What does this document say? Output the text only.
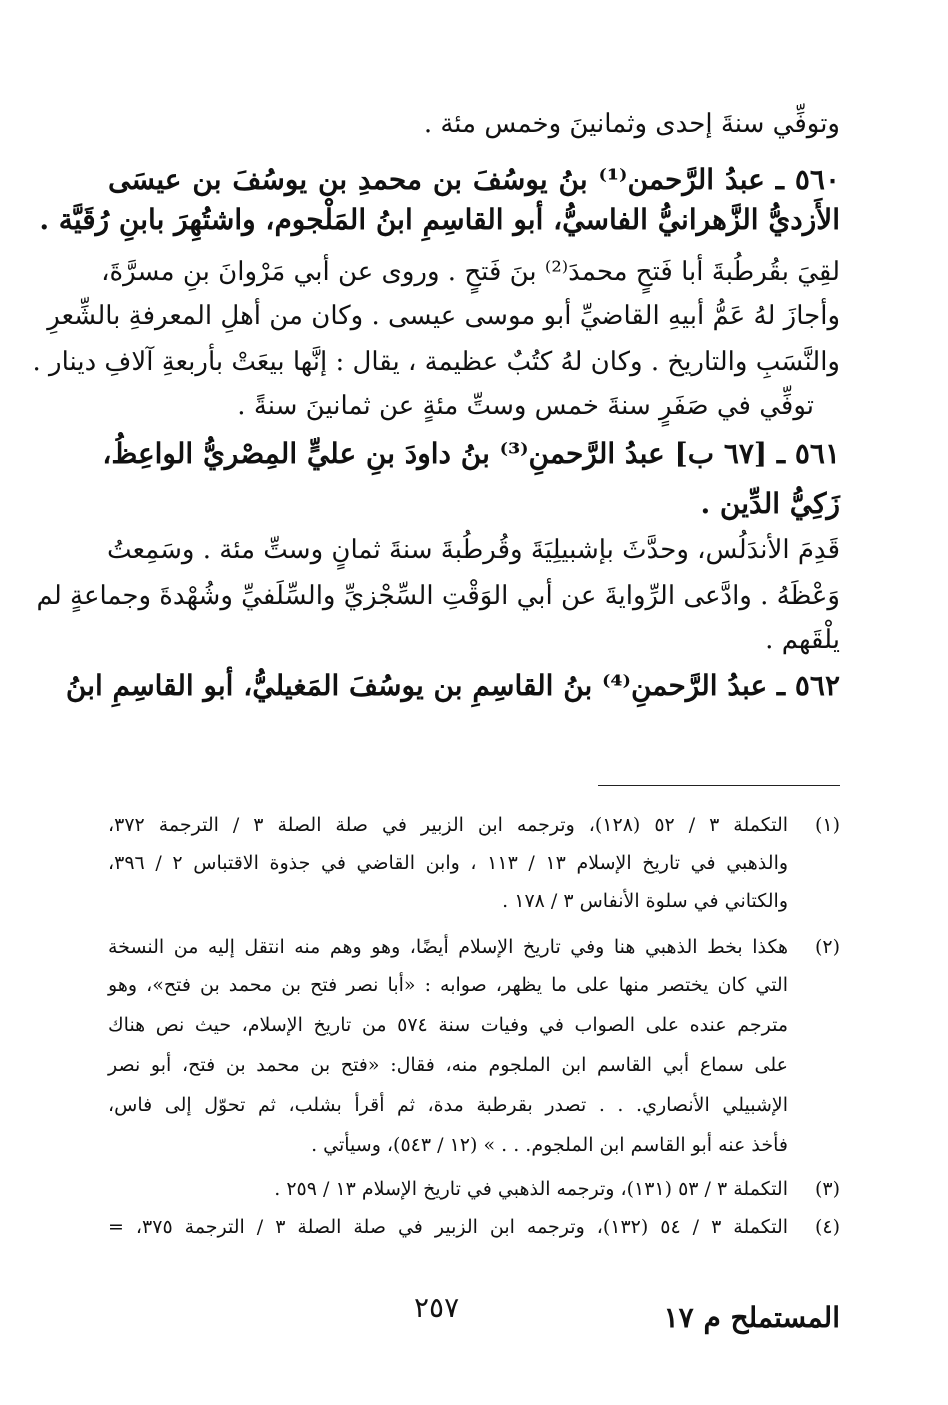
وتوفِّي سنةَ إحدى وثمانينَ وخمس مئة .
٥٦٠ ـ عبدُ الرَّحمن⁽¹⁾ بنُ يوسُفَ بن محمدِ بن يوسُفَ بن عيسَى
الأَزديُّ الزَّهرانيُّ الفاسيُّ، أبو القاسِمِ ابنُ المَلْجوم، واشتُهِرَ بابنِ رُقَيَّة .
لقِيَ بقُرطُبةَ أبا فَتحٍ محمدَ⁽²⁾ بنَ فَتحٍ . وروى عن أبي مَرْوانَ بنِ مسرَّةَ،
وأجازَ لهُ عَمُّ أبيهِ القاضيِّ أبو موسى عيسى . وكان من أهلِ المعرفةِ بالشِّعرِ
والنَّسَبِ والتاريخ . وكان لهُ كتُبٌ عظيمة ، يقال : إنَّها بيعَتْ بأربعةِ آلافِ دينار .
توفِّي في صَفَرٍ سنةَ خمس وستِّ مئةٍ عن ثمانينَ سنةً .
٥٦١ ـ [٦٧ ب] عبدُ الرَّحمنِ⁽³⁾ بنُ داودَ بنِ عليٍّ المِصْريُّ الواعِظُ،
زَكِيُّ الدِّين .
قَدِمَ الأندَلُس، وحدَّثَ بإشبيلِيَةَ وقُرطُبةَ سنةَ ثمانٍ وستِّ مئة . وسَمِعتُ
وَعْظَهُ . وادَّعى الرِّوايةَ عن أبي الوَقْتِ السِّجْزيِّ والسِّلَفيِّ وشُهْدةَ وجماعةٍ لم
يلْقَهم .
٥٦٢ ـ عبدُ الرَّحمنِ⁽⁴⁾ بنُ القاسِمِ بن يوسُفَ المَغيليُّ، أبو القاسِمِ ابنُ
(١)
التكملة ٣ / ٥٢ (١٢٨)، وترجمه ابن الزبير في صلة الصلة ٣ / الترجمة ٣٧٢،
والذهبي في تاريخ الإسلام ١٣ / ١١٣ ، وابن القاضي في جذوة الاقتباس ٢ / ٣٩٦،
والكتاني في سلوة الأنفاس ٣ / ١٧٨ .
(٢)
هكذا بخط الذهبي هنا وفي تاريخ الإسلام أيضًا، وهو وهم منه انتقل إليه من النسخة
التي كان يختصر منها على ما يظهر، صوابه : «أبا نصر فتح بن محمد بن فتح»، وهو
مترجم عنده على الصواب في وفيات سنة ٥٧٤ من تاريخ الإسلام، حيث نص هناك
على سماع أبي القاسم ابن الملجوم منه، فقال: «فتح بن محمد بن فتح، أبو نصر
الإشبيلي الأنصاري. . . تصدر بقرطبة مدة، ثم أقرأ بشلب، ثم تحوّل إلى فاس،
فأخذ عنه أبو القاسم ابن الملجوم. . . » (١٢ / ٥٤٣)، وسيأتي .
(٣)
التكملة ٣ / ٥٣ (١٣١)، وترجمه الذهبي في تاريخ الإسلام ١٣ / ٢٥٩ .
(٤)
التكملة ٣ / ٥٤ (١٣٢)، وترجمه ابن الزبير في صلة الصلة ٣ / الترجمة ٣٧٥، =
٢٥٧	المستملح م ١٧
